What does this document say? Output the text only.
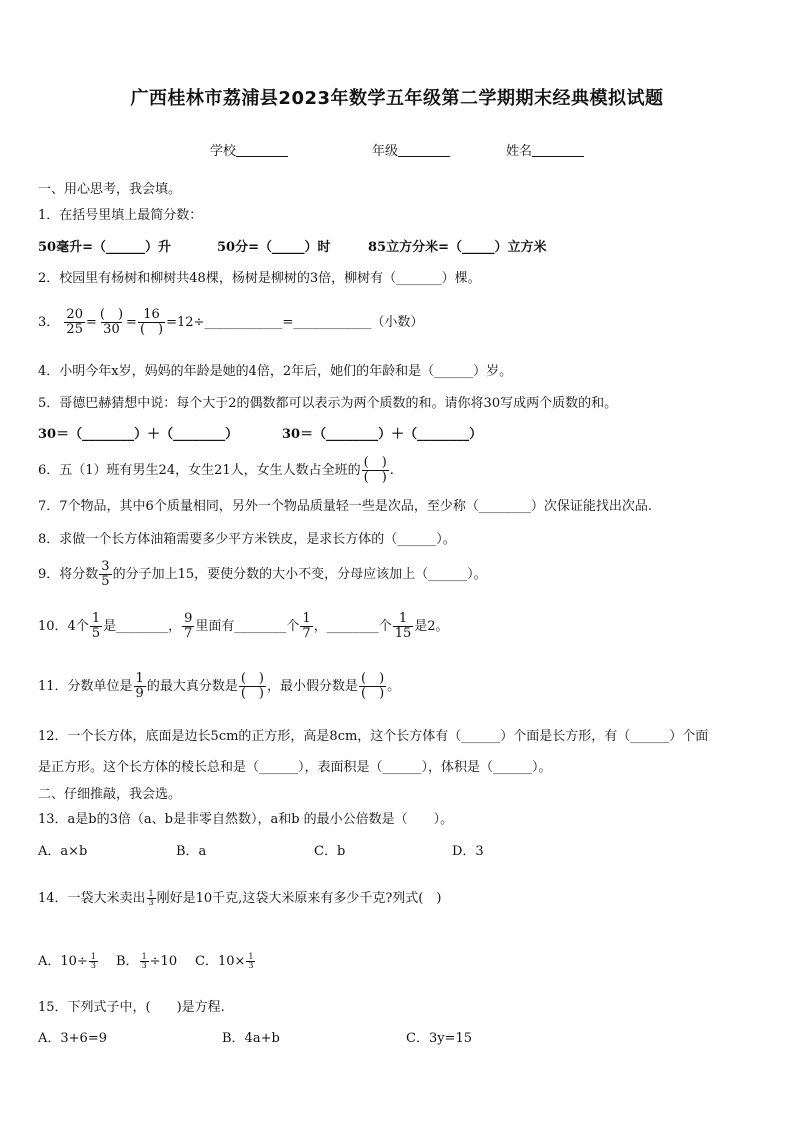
广西桂林市荔浦县2023年数学五年级第二学期期末经典模拟试题
学校	年级	姓名
一、用心思考，我会填。
1．在括号里填上最简分数：
50毫升=（______）升	50分=（_____）时	85立方分米=（_____）立方米
2．校园里有杨树和柳树共48棵，杨树是柳树的3倍，柳树有（_______）棵。
3． $\frac{20}{25} = \frac{( )}{30} = \frac{16}{( )}$ =12÷____________=____________（小数）
4．小明今年x岁，妈妈的年龄是她的4倍，2年后，她们的年龄和是（______）岁。
5．哥德巴赫猜想中说：每个大于2的偶数都可以表示为两个质数的和。请你将30写成两个质数的和。
30＝（________）＋（________）	30＝（________）＋（________）
6．五（1）班有男生24，女生21人，女生人数占全班的 $\frac{( )}{( )}$ .
7．7个物品，其中6个质量相同，另外一个物品质量轻一些是次品，至少称（________）次保证能找出次品.
8．求做一个长方体油箱需要多少平方米铁皮，是求长方体的（______）。
9．将分数 $\frac{3}{5}$ 的分子加上15，要使分数的大小不变，分母应该加上（______）。
10．4个 $\frac{1}{5}$ 是________， $\frac{9}{7}$ 里面有________个 $\frac{1}{7}$ ，________个 $\frac{1}{15}$ 是2。
11．分数单位是 $\frac{1}{9}$ 的最大真分数是 $\frac{( )}{( )}$ ，最小假分数是 $\frac{( )}{( )}$ 。
12．一个长方体，底面是边长5cm的正方形，高是8cm，这个长方体有（______）个面是长方形，有（______）个面
是正方形。这个长方体的棱长总和是（______），表面积是（______），体积是（______）。
二、仔细推敲，我会选。
13．a是b的3倍（a、b是非零自然数），a和b 的最小公倍数是（　　）。
A．a×b	B．a	C．b	D．3
14．一袋大米卖出 $\frac{1}{3}$ 刚好是10千克,这袋大米原来有多少千克?列式(　)
A．$10\div \frac{1}{3}$ B． $\frac{1}{3} \div 10$ C．$10\times \frac{1}{3}$
15．下列式子中，(　　)是方程.
A．3+6=9	B．4a+b	C．3y=15
